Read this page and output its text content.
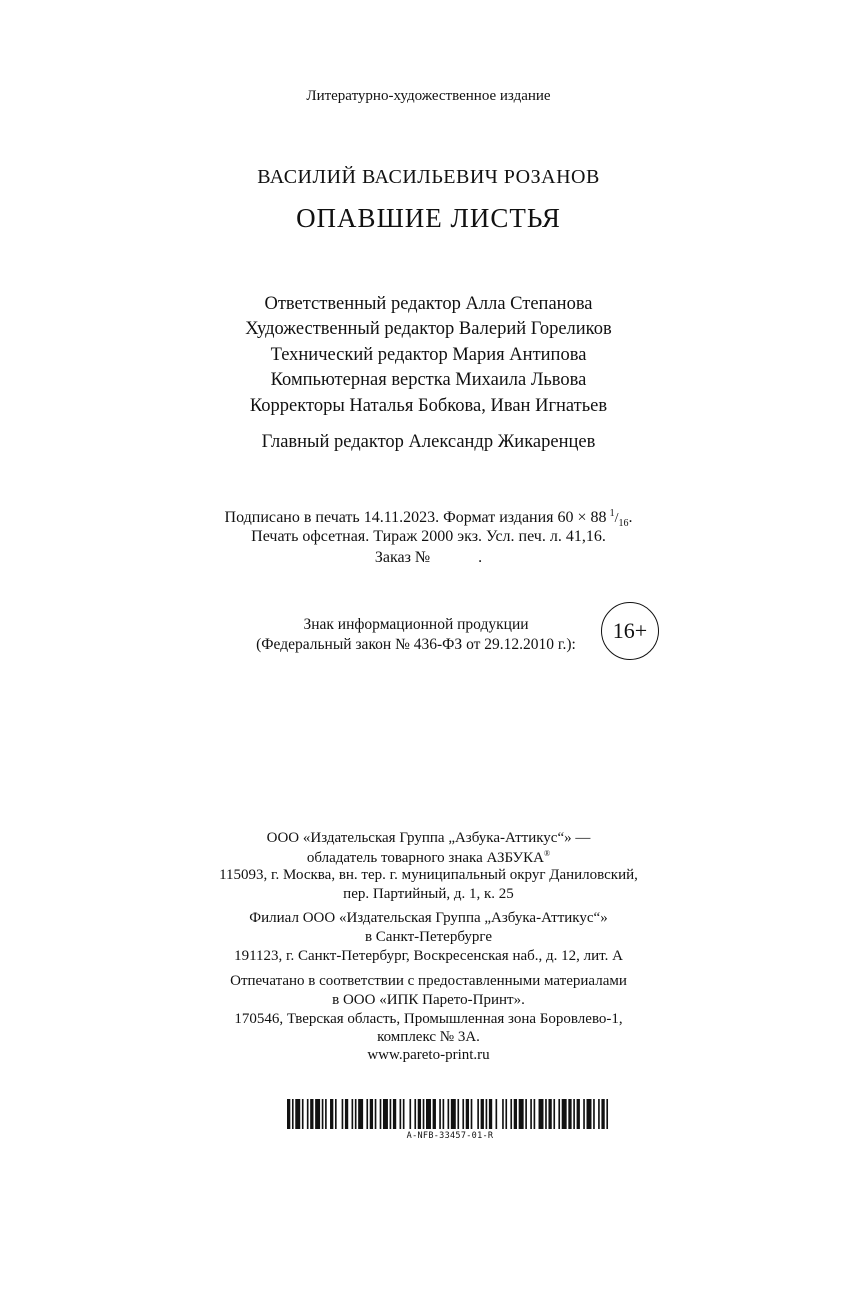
Литературно-художественное издание
ВАСИЛИЙ ВАСИЛЬЕВИЧ РОЗАНОВ
ОПАВШИЕ ЛИСТЬЯ
Ответственный редактор Алла Степанова
Художественный редактор Валерий Гореликов
Технический редактор Мария Антипова
Компьютерная верстка Михаила Львова
Корректоры Наталья Бобкова, Иван Игнатьев
Главный редактор Александр Жикаренцев
Подписано в печать 14.11.2023. Формат издания 60 × 88 $^1/_{16}$.
Печать офсетная. Тираж 2000 экз. Усл. печ. л. 41,16.
Заказ №	.
Знак информационной продукции
(Федеральный закон № 436-ФЗ от 29.12.2010 г.):
16+
ООО «Издательская Группа „Азбука-Аттикус“» —
обладатель товарного знака АЗБУКА®
115093, г. Москва, вн. тер. г. муниципальный округ Даниловский,
пер. Партийный, д. 1, к. 25
Филиал ООО «Издательская Группа „Азбука-Аттикус“»
в Санкт-Петербурге
191123, г. Санкт-Петербург, Воскресенская наб., д. 12, лит. А
Отпечатано в соответствии с предоставленными материалами
в ООО «ИПК Парето-Принт».
170546, Тверская область, Промышленная зона Боровлево-1,
комплекс № 3А.
www.pareto-print.ru
A-NFB-33457-01-R
